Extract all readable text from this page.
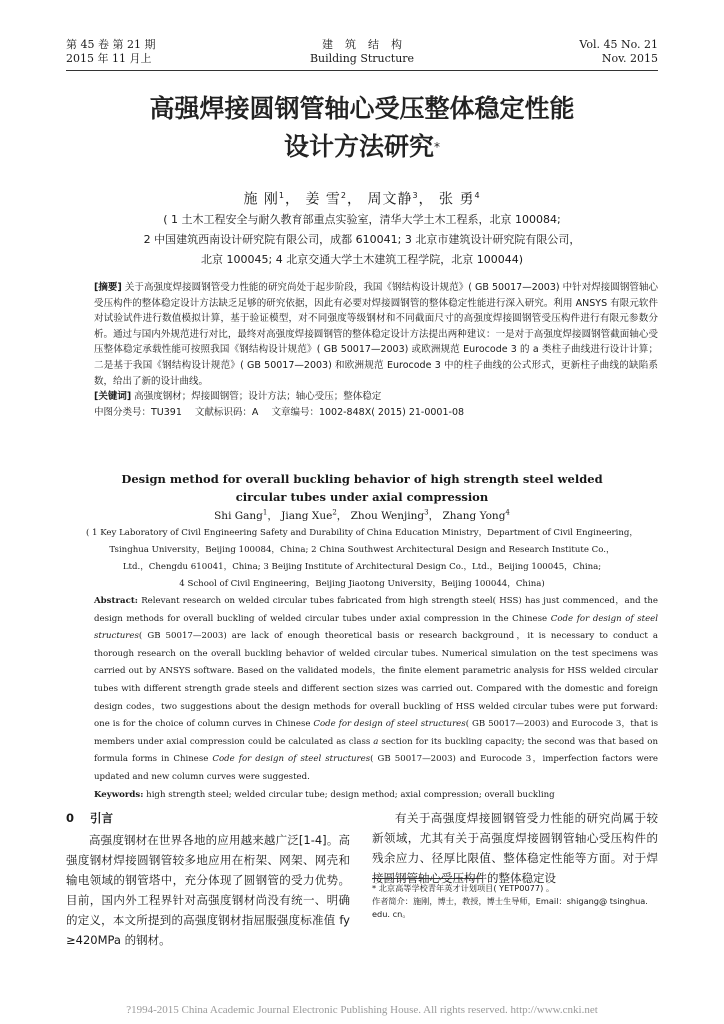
第 45 卷 第 21 期
2015 年 11 月上
建筑结构
Building Structure
Vol. 45 No. 21
Nov. 2015
高强焊接圆钢管轴心受压整体稳定性能
设计方法研究*
施 刚$^1$， 姜 雪$^2$， 周文静$^3$， 张 勇$^4$
( 1 土木工程安全与耐久教育部重点实验室，清华大学土木工程系，北京 100084;
2 中国建筑西南设计研究院有限公司，成都 610041; 3 北京市建筑设计研究院有限公司，
北京 100045; 4 北京交通大学土木建筑工程学院，北京 100044)

[摘要] 关于高强度焊接圆钢管受力性能的研究尚处于起步阶段，我国《钢结构设计规范》( GB 50017—2003) 中针对焊接圆钢管轴心受压构件的整体稳定设计方法缺乏足够的研究依据，因此有必要对焊接圆钢管的整体稳定性能进行深入研究。利用 ANSYS 有限元软件对试验试件进行数值模拟计算，基于验证模型，对不同强度等级钢材和不同截面尺寸的高强度焊接圆钢管受压构件进行有限元参数分析。通过与国内外规范进行对比，最终对高强度焊接圆钢管的整体稳定设计方法提出两种建议：一是对于高强度焊接圆钢管截面轴心受压整体稳定承载性能可按照我国《钢结构设计规范》( GB 50017—2003) 或欧洲规范 Eurocode 3 的 a 类柱子曲线进行设计计算；二是基于我国《钢结构设计规范》( GB 50017—2003) 和欧洲规范 Eurocode 3 中的柱子曲线的公式形式，更新柱子曲线的缺陷系数，给出了新的设计曲线。

[关键词] 高强度钢材；焊接圆钢管；设计方法；轴心受压；整体稳定

中图分类号：TU391 文献标识码：A 文章编号：1002-848X( 2015) 21-0001-08

Design method for overall buckling behavior of high strength steel welded
circular tubes under axial compression
Shi Gang$^1$， Jiang Xue$^2$， Zhou Wenjing$^3$， Zhang Yong$^4$
( 1 Key Laboratory of Civil Engineering Safety and Durability of China Education Ministry，Department of Civil Engineering，
Tsinghua University，Beijing 100084，China; 2 China Southwest Architectural Design and Research Institute Co.，
Ltd.，Chengdu 610041，China; 3 Beijing Institute of Architectural Design Co.，Ltd.，Beijing 100045，China;
4 School of Civil Engineering，Beijing Jiaotong University，Beijing 100044，China)

Abstract: Relevant research on welded circular tubes fabricated from high strength steel( HSS) has just commenced，and the design methods for overall buckling of welded circular tubes under axial compression in the Chinese Code for design of steel structures( GB 50017—2003) are lack of enough theoretical basis or research background，it is necessary to conduct a thorough research on the overall buckling behavior of welded circular tubes. Numerical simulation on the test specimens was carried out by ANSYS software. Based on the validated models，the finite element parametric analysis for HSS welded circular tubes with different strength grade steels and different section sizes was carried out. Compared with the domestic and foreign design codes，two suggestions about the design methods for overall buckling of HSS welded circular tubes were put forward: one is for the choice of column curves in Chinese Code for design of steel structures( GB 50017—2003) and Eurocode 3，that is members under axial compression could be calculated as class a section for its buckling capacity; the second was that based on formula forms in Chinese Code for design of steel structures( GB 50017—2003) and Eurocode 3，imperfection factors were updated and new column curves were suggested.

Keywords: high strength steel; welded circular tube; design method; axial compression; overall buckling

0 引言

高强度钢材在世界各地的应用越来越广泛[1-4]。高强度钢材焊接圆钢管较多地应用在桁架、网架、网壳和输电领域的钢管塔中，充分体现了圆钢管的受力优势。目前，国内外工程界针对高强度钢材尚没有统一、明确的定义，本文所提到的高强度钢材指屈服强度标准值 fy ≥420MPa 的钢材。

有关于高强度焊接圆钢管受力性能的研究尚属于较新领域，尤其有关于高强度焊接圆钢管轴心受压构件的残余应力、径厚比限值、整体稳定性能等方面。对于焊接圆钢管轴心受压构件的整体稳定设

* 北京高等学校青年英才计划项目( YETP0077) 。

作者简介：施刚，博士，教授，博士生导师，Email：shigang@ tsinghua. edu. cn。

?1994-2015 China Academic Journal Electronic Publishing House. All rights reserved. http://www.cnki.net
